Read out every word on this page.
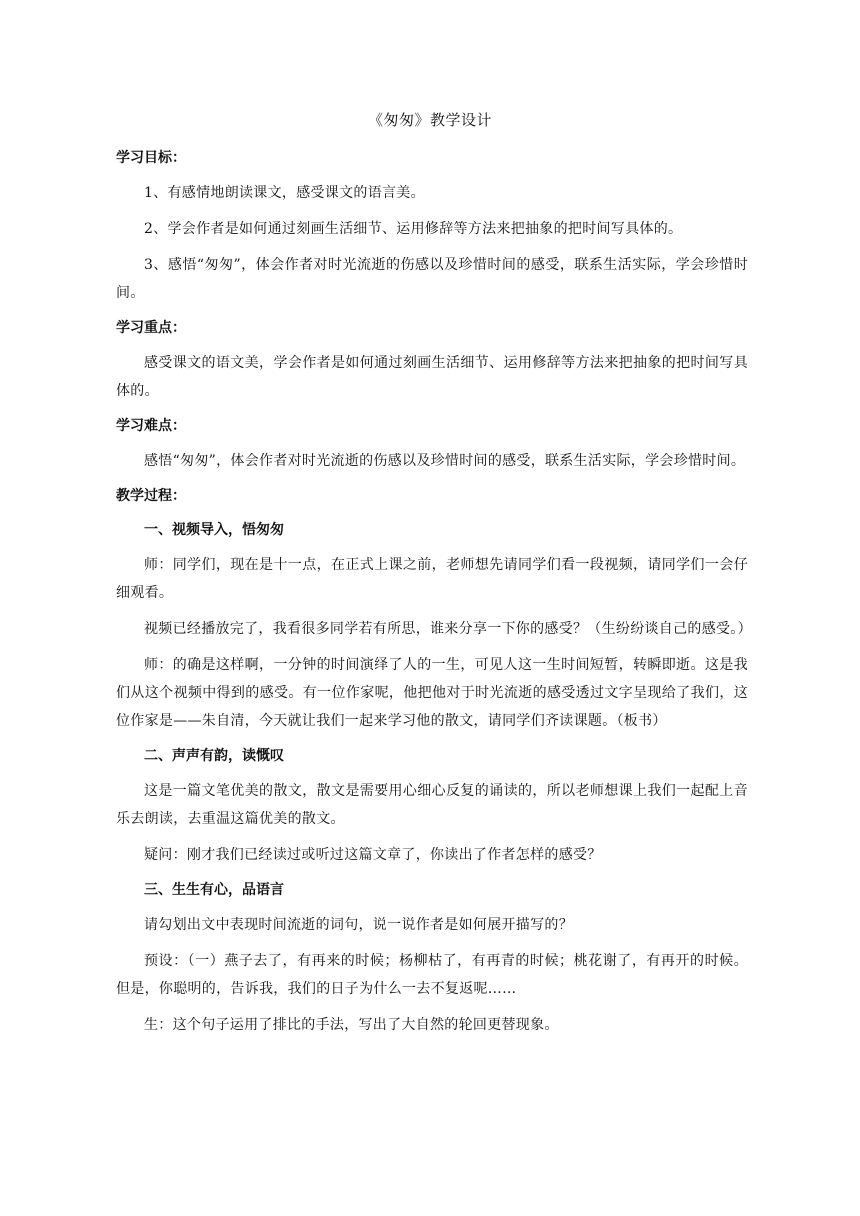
《匆匆》教学设计
学习目标：

1、有感情地朗读课文，感受课文的语言美。

2、学会作者是如何通过刻画生活细节、运用修辞等方法来把抽象的把时间写具体的。

3、感悟“匆匆”，体会作者对时光流逝的伤感以及珍惜时间的感受，联系生活实际，学会珍惜时间。

学习重点：

感受课文的语文美，学会作者是如何通过刻画生活细节、运用修辞等方法来把抽象的把时间写具体的。

学习难点：

感悟“匆匆”，体会作者对时光流逝的伤感以及珍惜时间的感受，联系生活实际，学会珍惜时间。

教学过程：
一、视频导入，悟匆匆

师：同学们，现在是十一点，在正式上课之前，老师想先请同学们看一段视频，请同学们一会仔细观看。

视频已经播放完了，我看很多同学若有所思，谁来分享一下你的感受？（生纷纷谈自己的感受。）

师：的确是这样啊，一分钟的时间演绎了人的一生，可见人这一生时间短暂，转瞬即逝。这是我们从这个视频中得到的感受。有一位作家呢，他把他对于时光流逝的感受透过文字呈现给了我们，这位作家是——朱自清，今天就让我们一起来学习他的散文，请同学们齐读课题。（板书）

二、声声有韵，读慨叹

这是一篇文笔优美的散文，散文是需要用心细心反复的诵读的，所以老师想课上我们一起配上音乐去朗读，去重温这篇优美的散文。

疑问：刚才我们已经读过或听过这篇文章了，你读出了作者怎样的感受？

三、生生有心，品语言

请勾划出文中表现时间流逝的词句，说一说作者是如何展开描写的？

预设：（一）燕子去了，有再来的时候；杨柳枯了，有再青的时候；桃花谢了，有再开的时候。但是，你聪明的，告诉我，我们的日子为什么一去不复返呢……

生：这个句子运用了排比的手法，写出了大自然的轮回更替现象。
